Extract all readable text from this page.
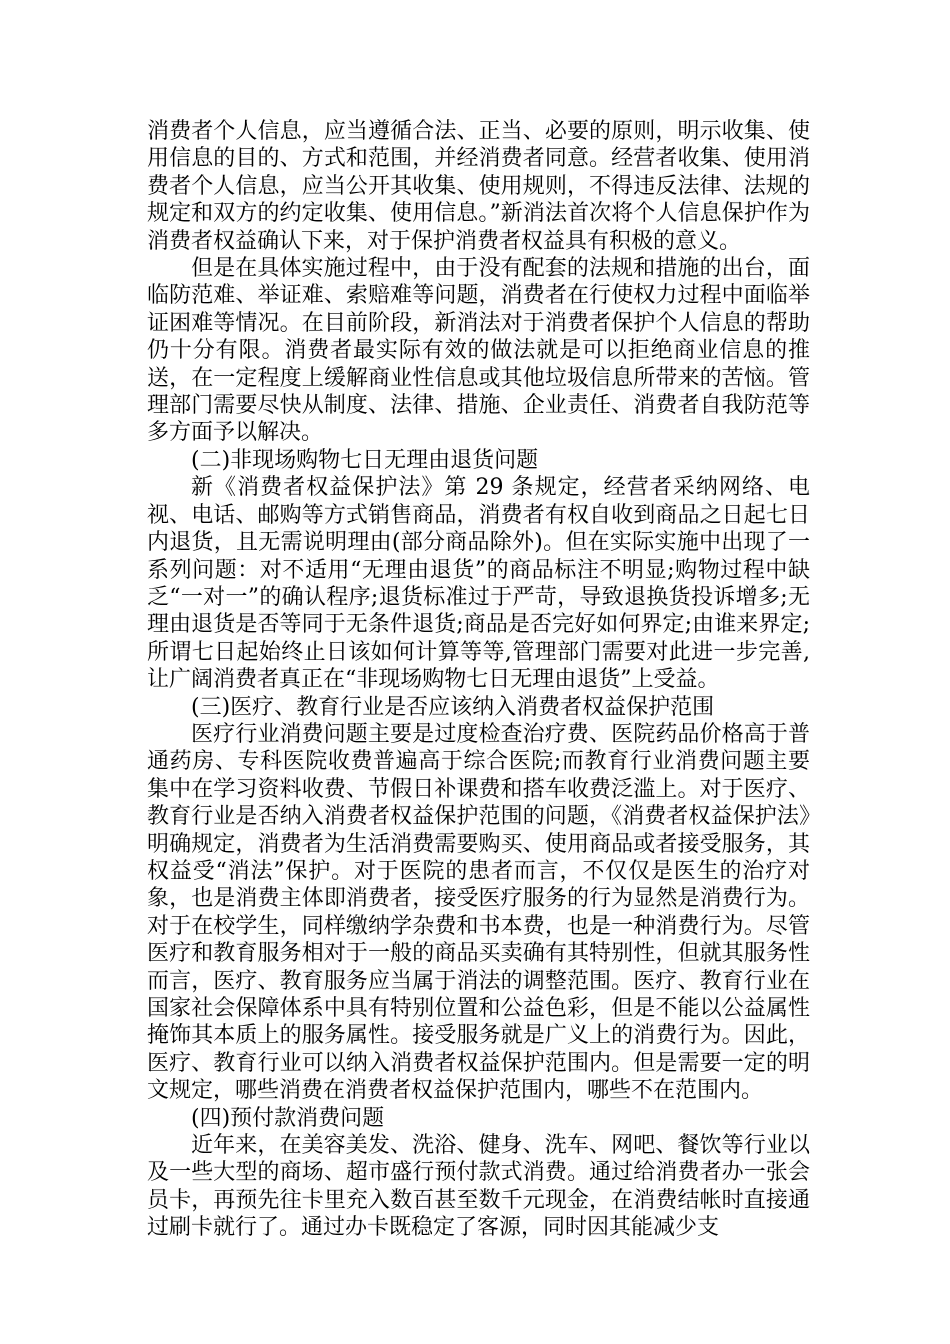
消费者个人信息，应当遵循合法、正当、必要的原则，明示收集、使用信息的目的、方式和范围，并经消费者同意。经营者收集、使用消费者个人信息，应当公开其收集、使用规则，不得违反法律、法规的规定和双方的约定收集、使用信息。”新消法首次将个人信息保护作为消费者权益确认下来，对于保护消费者权益具有积极的意义。

但是在具体实施过程中，由于没有配套的法规和措施的出台，面临防范难、举证难、索赔难等问题，消费者在行使权力过程中面临举证困难等情况。在目前阶段，新消法对于消费者保护个人信息的帮助仍十分有限。消费者最实际有效的做法就是可以拒绝商业信息的推送，在一定程度上缓解商业性信息或其他垃圾信息所带来的苦恼。管理部门需要尽快从制度、法律、措施、企业责任、消费者自我防范等多方面予以解决。

(二)非现场购物七日无理由退货问题

新《消费者权益保护法》第 29 条规定，经营者采纳网络、电视、电话、邮购等方式销售商品，消费者有权自收到商品之日起七日内退货，且无需说明理由(部分商品除外)。但在实际实施中出现了一系列问题：对不适用“无理由退货”的商品标注不明显;购物过程中缺乏“一对一”的确认程序;退货标准过于严苛，导致退换货投诉增多;无理由退货是否等同于无条件退货;商品是否完好如何界定;由谁来界定;所谓七日起始终止日该如何计算等等,管理部门需要对此进一步完善,让广阔消费者真正在“非现场购物七日无理由退货”上受益。

(三)医疗、教育行业是否应该纳入消费者权益保护范围

医疗行业消费问题主要是过度检查治疗费、医院药品价格高于普通药房、专科医院收费普遍高于综合医院;而教育行业消费问题主要集中在学习资料收费、节假日补课费和搭车收费泛滥上。对于医疗、教育行业是否纳入消费者权益保护范围的问题，《消费者权益保护法》明确规定，消费者为生活消费需要购买、使用商品或者接受服务，其权益受“消法”保护。对于医院的患者而言，不仅仅是医生的治疗对象，也是消费主体即消费者，接受医疗服务的行为显然是消费行为。对于在校学生，同样缴纳学杂费和书本费，也是一种消费行为。尽管医疗和教育服务相对于一般的商品买卖确有其特别性，但就其服务性而言，医疗、教育服务应当属于消法的调整范围。医疗、教育行业在国家社会保障体系中具有特别位置和公益色彩，但是不能以公益属性掩饰其本质上的服务属性。接受服务就是广义上的消费行为。因此，医疗、教育行业可以纳入消费者权益保护范围内。但是需要一定的明文规定，哪些消费在消费者权益保护范围内，哪些不在范围内。

(四)预付款消费问题

近年来，在美容美发、洗浴、健身、洗车、网吧、餐饮等行业以及一些大型的商场、超市盛行预付款式消费。通过给消费者办一张会员卡，再预先往卡里充入数百甚至数千元现金，在消费结帐时直接通过刷卡就行了。通过办卡既稳定了客源，同时因其能减少支
